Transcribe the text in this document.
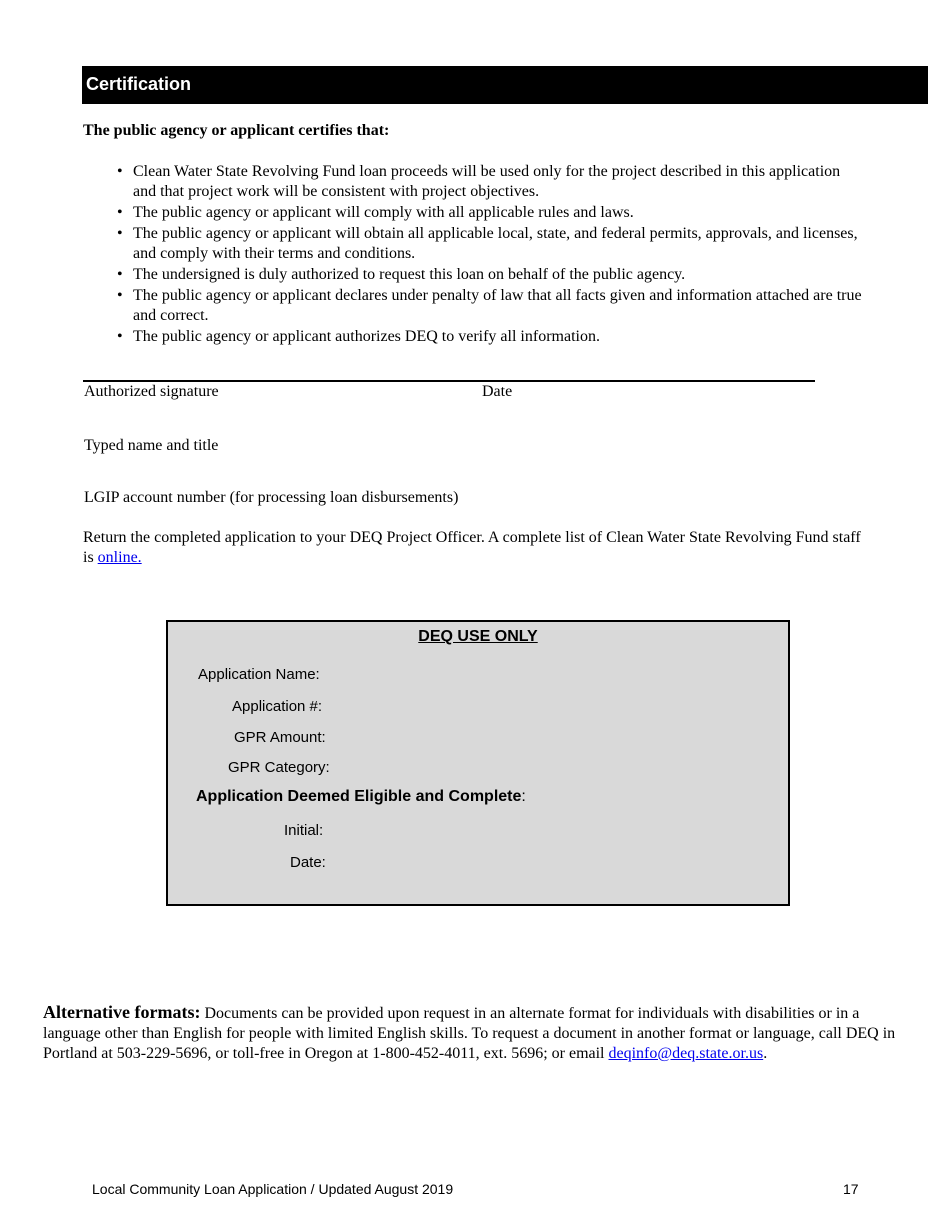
Certification
The public agency or applicant certifies that:
• Clean Water State Revolving Fund loan proceeds will be used only for the project described in this application and that project work will be consistent with project objectives.
• The public agency or applicant will comply with all applicable rules and laws.
• The public agency or applicant will obtain all applicable local, state, and federal permits, approvals, and licenses, and comply with their terms and conditions.
• The undersigned is duly authorized to request this loan on behalf of the public agency.
• The public agency or applicant declares under penalty of law that all facts given and information attached are true and correct.
• The public agency or applicant authorizes DEQ to verify all information.
Authorized signature	Date
Typed name and title
LGIP account number (for processing loan disbursements)
Return the completed application to your DEQ Project Officer. A complete list of Clean Water State Revolving Fund staff is online.
DEQ USE ONLY
Application Name:
Application #:
GPR Amount:
GPR Category:
Application Deemed Eligible and Complete:
Initial:
Date:
Alternative formats: Documents can be provided upon request in an alternate format for individuals with disabilities or in a language other than English for people with limited English skills. To request a document in another format or language, call DEQ in Portland at 503-229-5696, or toll-free in Oregon at 1-800-452-4011, ext. 5696; or email deqinfo@deq.state.or.us.
Local Community Loan Application / Updated August 2019	17
